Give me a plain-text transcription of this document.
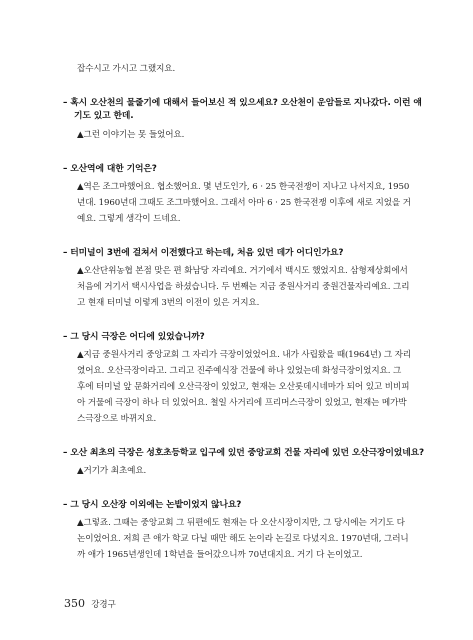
잡수시고 가시고 그랬지요.
– 혹시 오산천의 물줄기에 대해서 들어보신 적 있으세요? 오산천이 운암들로 지나갔다. 이런 얘
기도 있고 한데.
▲그런 이야기는 못 들었어요.
– 오산역에 대한 기억은?
▲역은 조그마했어요. 협소했어요. 몇 년도인가, 6 · 25 한국전쟁이 지나고 나서지요, 1950
년대. 1960년대 그때도 조그마했어요. 그래서 아마 6 · 25 한국전쟁 이후에 새로 지었을 거
예요. 그렇게 생각이 드네요.
– 터미널이 3번에 걸쳐서 이전했다고 하는데, 처음 있던 데가 어디인가요?
▲오산단위농협 본점 맞은 편 화남당 자리예요. 거기에서 백시도 했었지요. 삼형제상회에서
처음에 거기서 택시사업을 하셨습니다. 두 번째는 지금 중원사거리 중원건물자리예요. 그리
고 현재 터미널 이렇게 3번의 이전이 있은 거지요.
– 그 당시 극장은 어디에 있었습니까?
▲지금 중원사거리 중앙교회 그 자리가 극장이었었어요. 내가 사립왔을 때(1964년) 그 자리
였어요. 오산극장이라고. 그리고 진주예식장 건물에 하나 있었는데 화성극장이었지요. 그
후에 터미널 앞 문화거리에 오산극장이 있었고, 현재는 오산롯데시네마가 되어 있고 비비피
아 거물에 극장이 하나 더 있었어요. 철일 사거리에 프리머스극장이 있었고, 현재는 메가박
스극장으로 바뀌지요.
– 오산 최초의 극장은 성호초등학교 입구에 있던 중앙교회 건물 자리에 있던 오산극장이었네요?
▲거기가 최초예요.
– 그 당시 오산장 이외에는 논밭이었지 않나요?
▲그렇죠. 그때는 중앙교회 그 뒤편에도 현재는 다 오산시장이지만, 그 당시에는 거기도 다
논이었어요. 저희 큰 애가 학교 다닐 때만 해도 논이라 논길로 다녔지요. 1970년대, 그러니
까 애가 1965년생인데 1학년을 들어갔으니까 70년대지요. 거기 다 논이었고.
350 강경구
